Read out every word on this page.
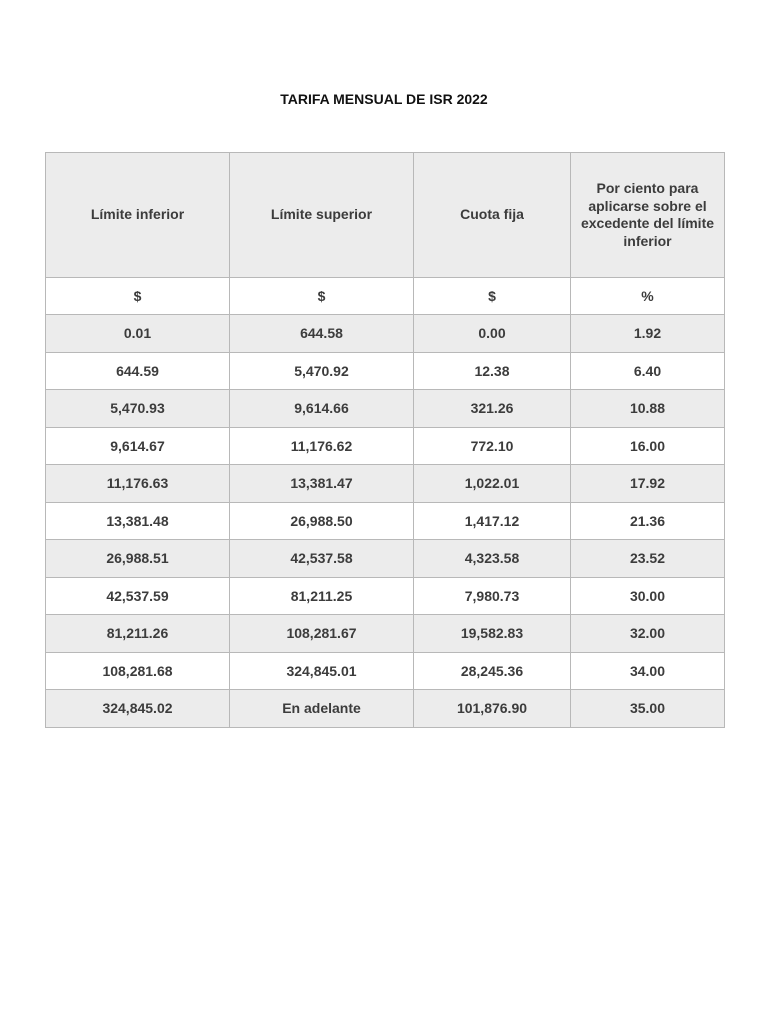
TARIFA MENSUAL DE ISR 2022
Límite inferior	Límite superior	Cuota fija	Por ciento para aplicarse sobre el excedente del límite inferior
$	$	$	%
0.01	644.58	0.00	1.92
644.59	5,470.92	12.38	6.40
5,470.93	9,614.66	321.26	10.88
9,614.67	11,176.62	772.10	16.00
11,176.63	13,381.47	1,022.01	17.92
13,381.48	26,988.50	1,417.12	21.36
26,988.51	42,537.58	4,323.58	23.52
42,537.59	81,211.25	7,980.73	30.00
81,211.26	108,281.67	19,582.83	32.00
108,281.68	324,845.01	28,245.36	34.00
324,845.02	En adelante	101,876.90	35.00
